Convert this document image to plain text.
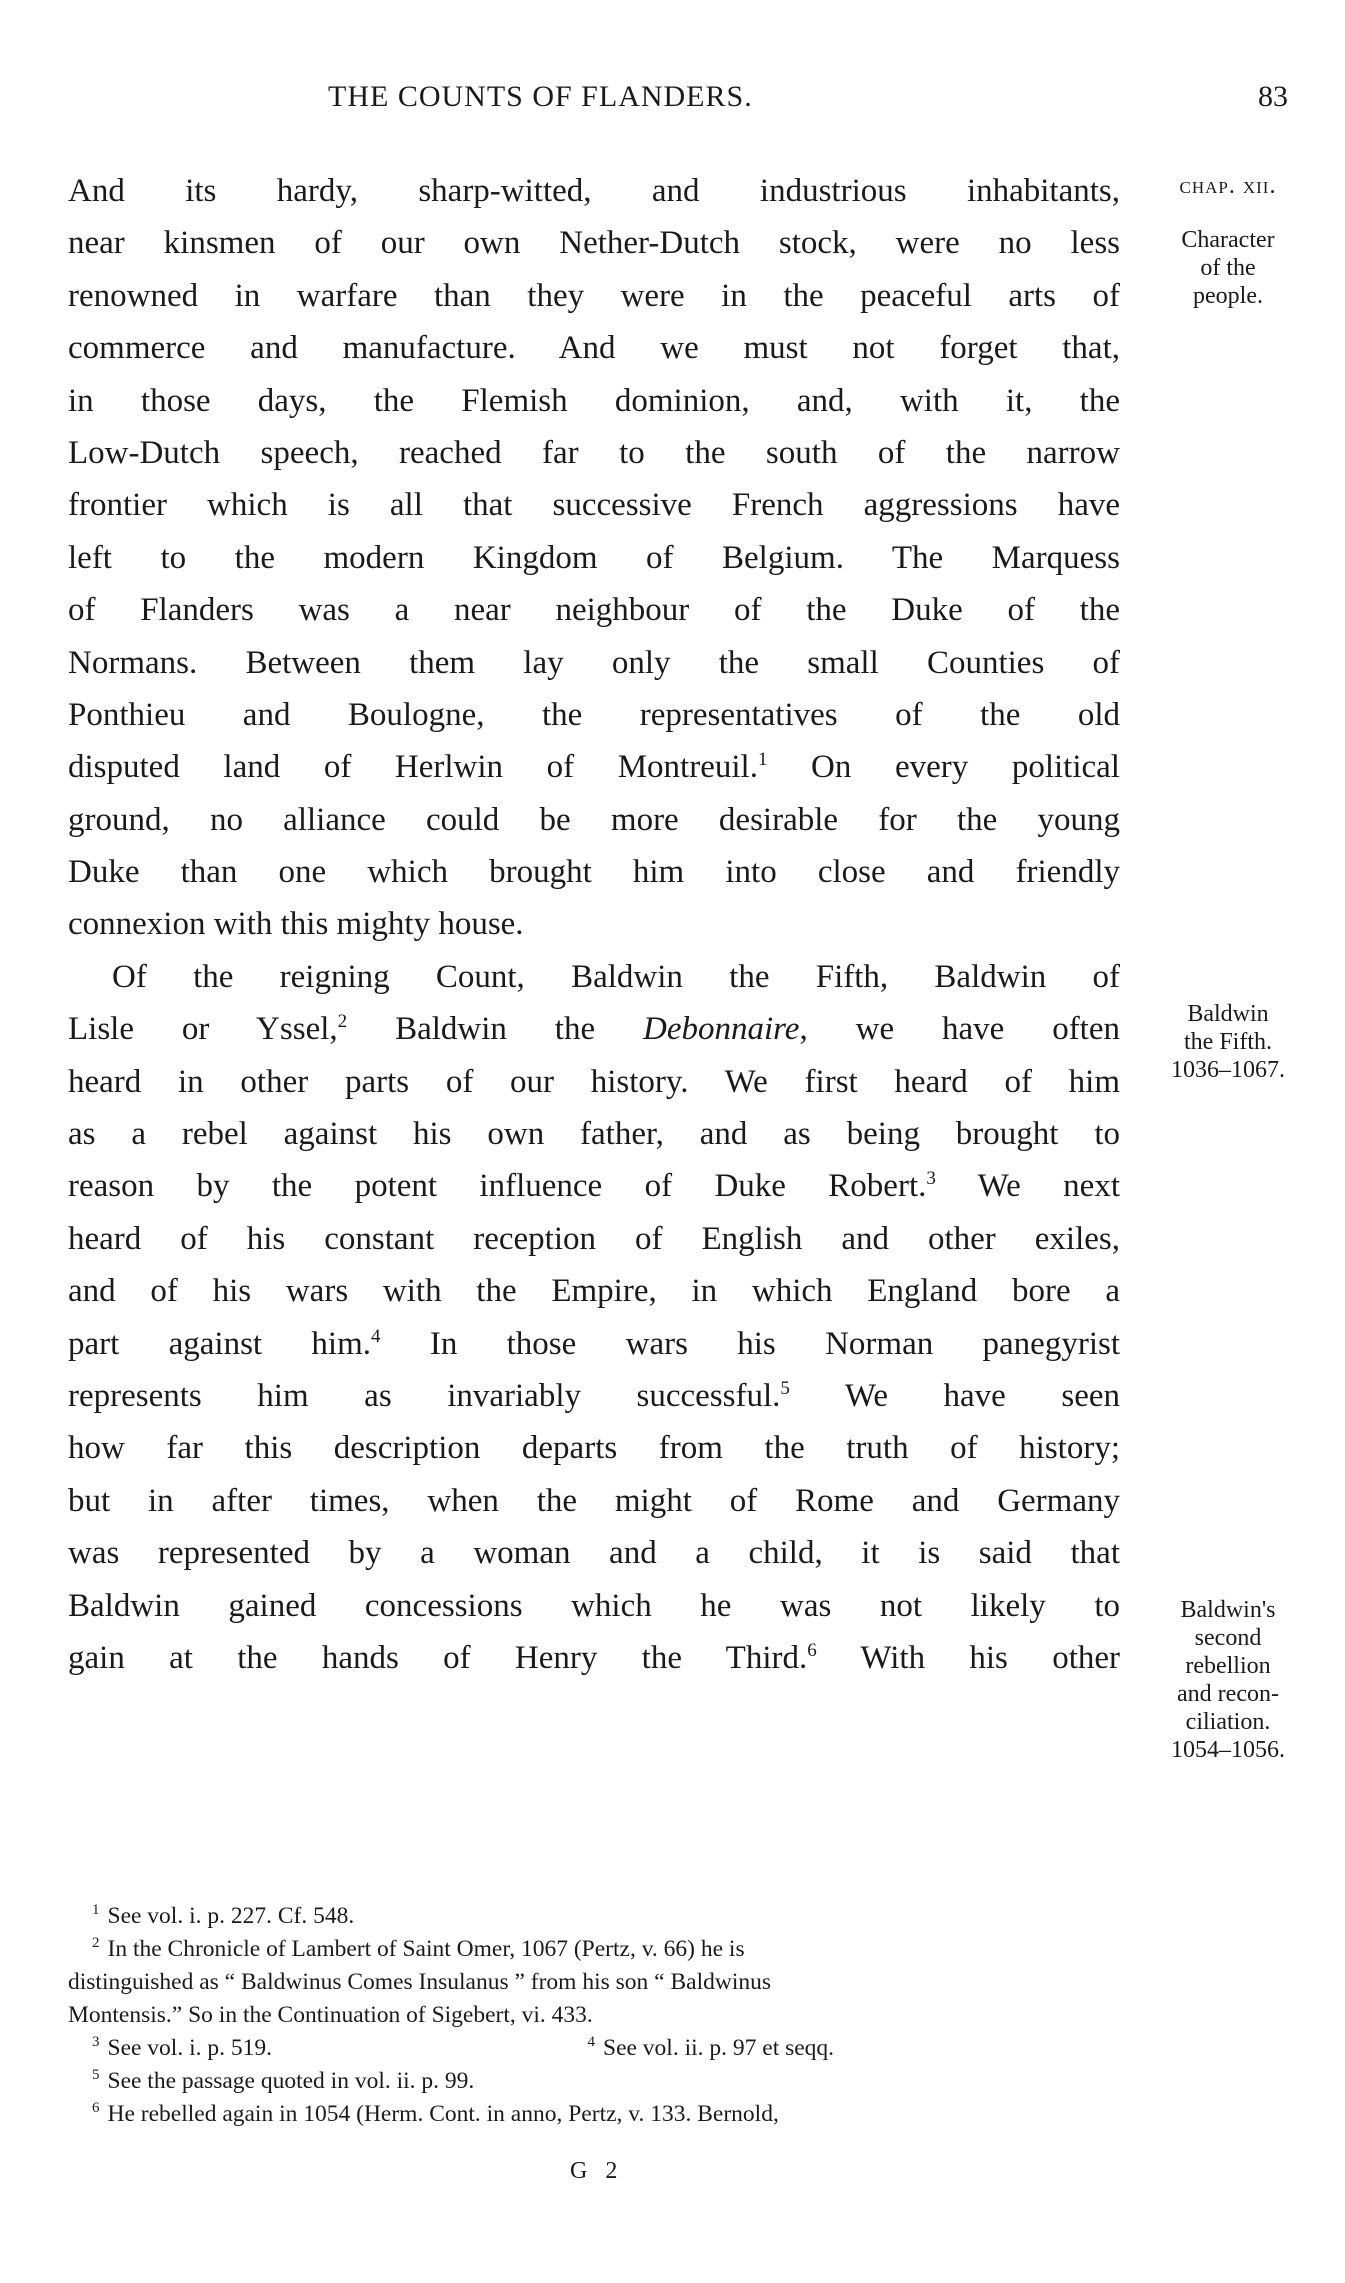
THE COUNTS OF FLANDERS.	83
And its hardy, sharp-witted, and industrious inhabitants,
near kinsmen of our own Nether-Dutch stock, were no less
renowned in warfare than they were in the peaceful arts of
commerce and manufacture. And we must not forget that,
in those days, the Flemish dominion, and, with it, the
Low-Dutch speech, reached far to the south of the narrow
frontier which is all that successive French aggressions have
left to the modern Kingdom of Belgium. The Marquess
of Flanders was a near neighbour of the Duke of the
Normans. Between them lay only the small Counties of
Ponthieu and Boulogne, the representatives of the old
disputed land of Herlwin of Montreuil.$^1$ On every political
ground, no alliance could be more desirable for the young
Duke than one which brought him into close and friendly
connexion with this mighty house.
Of the reigning Count, Baldwin the Fifth, Baldwin of
Lisle or Yssel,$^2$ Baldwin the Debonnaire, we have often
heard in other parts of our history. We first heard of him
as a rebel against his own father, and as being brought to
reason by the potent influence of Duke Robert.$^3$ We next
heard of his constant reception of English and other exiles,
and of his wars with the Empire, in which England bore a
part against him.$^4$ In those wars his Norman panegyrist
represents him as invariably successful.$^5$ We have seen
how far this description departs from the truth of history;
but in after times, when the might of Rome and Germany
was represented by a woman and a child, it is said that
Baldwin gained concessions which he was not likely to
gain at the hands of Henry the Third.$^6$ With his other
chap. xii.
Character
of the
people.
Baldwin
the Fifth.
1036–1067.
Baldwin's
second
rebellion
and recon-
ciliation.
1054–1056.
$^1$ See vol. i. p. 227. Cf. 548.
$^2$ In the Chronicle of Lambert of Saint Omer, 1067 (Pertz, v. 66) he is
distinguished as “ Baldwinus Comes Insulanus ” from his son “ Baldwinus
Montensis.” So in the Continuation of Sigebert, vi. 433.
$^3$ See vol. i. p. 519.	$^4$ See vol. ii. p. 97 et seqq.
$^5$ See the passage quoted in vol. ii. p. 99.
$^6$ He rebelled again in 1054 (Herm. Cont. in anno, Pertz, v. 133. Bernold,
G 2
